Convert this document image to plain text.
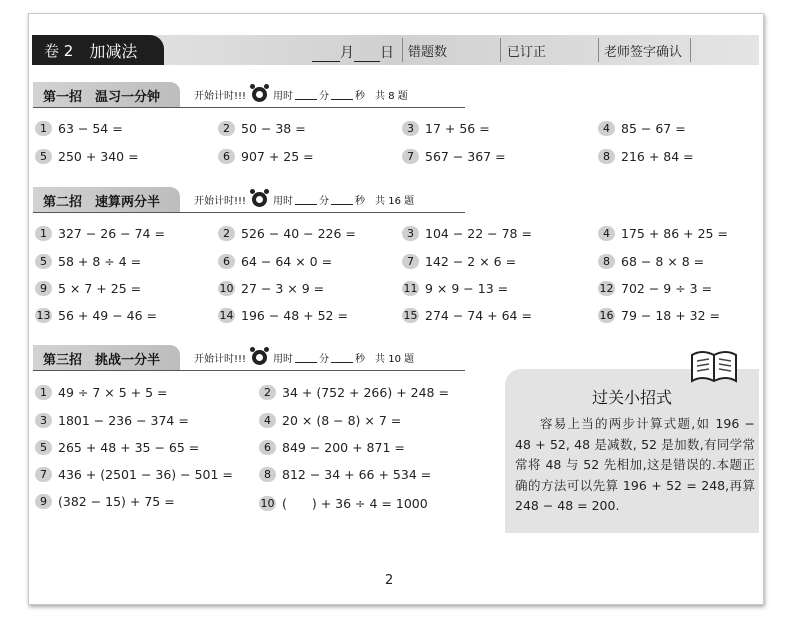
卷 2 加减法	月 日 错题数	已订正	老师签字确认
第一招　温习一分钟	开始计时!!!	用时	分	秒 共 8 题
1 63 − 54 =	2 50 − 38 =	3 17 + 56 =	4 85 − 67 =
5 250 + 340 =	6 907 + 25 =	7 567 − 367 =	8 216 + 84 =
第二招　速算两分半	开始计时!!!	用时	分	秒 共 16 题
1 327 − 26 − 74 =	2 526 − 40 − 226 =	3 104 − 22 − 78 =	4 175 + 86 + 25 =
5 58 + 8 ÷ 4 =	6 64 − 64 × 0 =	7 142 − 2 × 6 =	8 68 − 8 × 8 =
9 5 × 7 + 25 =	10 27 − 3 × 9 =	11 9 × 9 − 13 =	12 702 − 9 ÷ 3 =
13 56 + 49 − 46 =	14 196 − 48 + 52 =	15 274 − 74 + 64 =	16 79 − 18 + 32 =
第三招　挑战一分半	开始计时!!!	用时	分	秒 共 10 题
1 49 ÷ 7 × 5 + 5 =	2 34 + (752 + 266) + 248 =
3 1801 − 236 − 374 =	4 20 × (8 − 8) × 7 =
5 265 + 48 + 35 − 65 =	6 849 − 200 + 871 =
7 436 + (2501 − 36) − 501 =	8 812 − 34 + 66 + 534 =
9 (382 − 15) + 75 =	10 (　　) + 36 ÷ 4 = 1000
过关小招式
容易上当的两步计算式题,如 196 − 48 + 52, 48 是减数, 52 是加数,有同学常常将 48 与 52 先相加,这是错误的.本题正确的方法可以先算 196 + 52 = 248,再算 248 − 48 = 200.
2
